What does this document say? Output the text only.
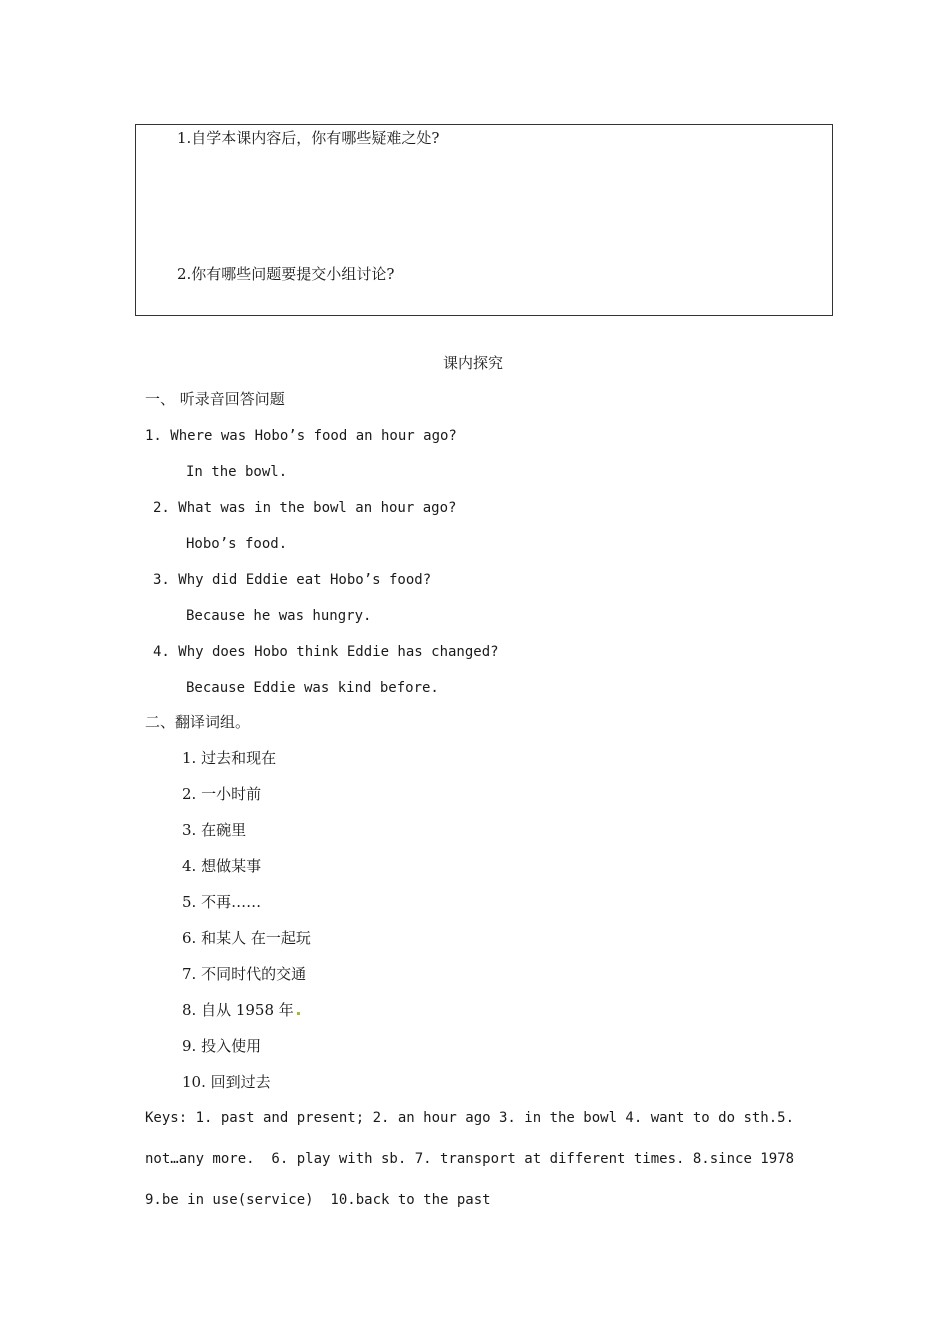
1.自学本课内容后，你有哪些疑难之处?
2.你有哪些问题要提交小组讨论?
课内探究
一、 听录音回答问题
1. Where was Hobo’s food an hour ago?
In the bowl.
2. What was in the bowl an hour ago?
Hobo’s food.
3. Why did Eddie eat Hobo’s food?
Because he was hungry.
4. Why does Hobo think Eddie has changed?
Because Eddie was kind before.
二、翻译词组。
1. 过去和现在
2. 一小时前
3. 在碗里
4. 想做某事
5. 不再……
6. 和某人 在一起玩
7. 不同时代的交通
8. 自从 1958 年
9. 投入使用
10. 回到过去
Keys: 1. past and present; 2. an hour ago 3. in the bowl 4. want to do sth.5.
not…any more.  6. play with sb. 7. transport at different times. 8.since 1978
9.be in use(service)  10.back to the past
